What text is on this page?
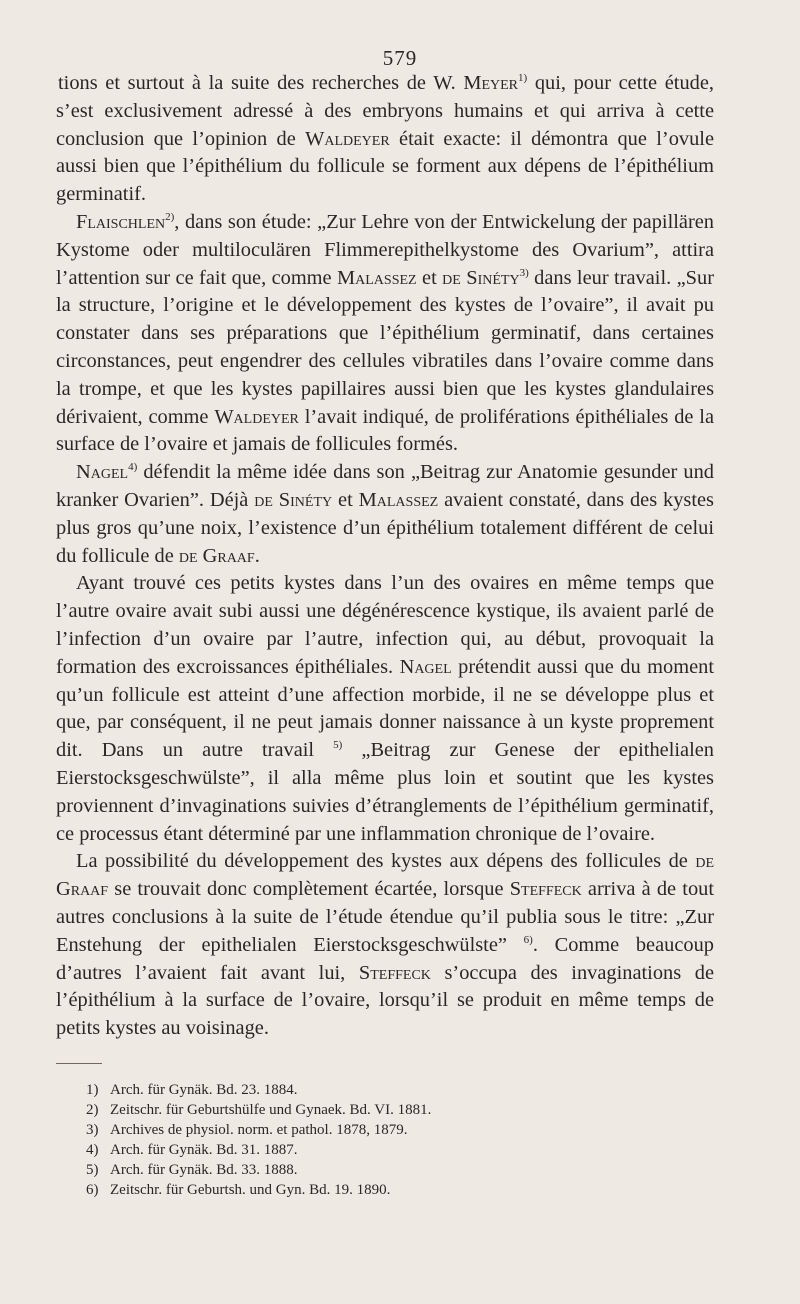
579

tions et surtout à la suite des recherches de W. Meyer$^{1)}$ qui, pour cette étude, s’est exclusivement adressé à des embryons humains et qui arriva à cette conclusion que l’opinion de Waldeyer était exacte: il démontra que l’ovule aussi bien que l’épithélium du follicule se forment aux dépens de l’épithélium germinatif.

Flaischlen$^{2)}$, dans son étude: „Zur Lehre von der Entwickelung der papillären Kystome oder multiloculären Flimmerepithelkystome des Ovarium”, attira l’attention sur ce fait que, comme Malassez et de Sinéty$^{3)}$ dans leur travail. „Sur la structure, l’origine et le développement des kystes de l’ovaire”, il avait pu constater dans ses préparations que l’épithélium germinatif, dans certaines circonstances, peut engendrer des cellules vibratiles dans l’ovaire comme dans la trompe, et que les kystes papillaires aussi bien que les kystes glandulaires dérivaient, comme Waldeyer l’avait indiqué, de proliférations épithéliales de la surface de l’ovaire et jamais de follicules formés.

Nagel$^{4)}$ défendit la même idée dans son „Beitrag zur Anatomie gesunder und kranker Ovarien”. Déjà de Sinéty et Malassez avaient constaté, dans des kystes plus gros qu’une noix, l’existence d’un épithélium totalement différent de celui du follicule de de Graaf.

Ayant trouvé ces petits kystes dans l’un des ovaires en même temps que l’autre ovaire avait subi aussi une dégénérescence kystique, ils avaient parlé de l’infection d’un ovaire par l’autre, infection qui, au début, provoquait la formation des excroissances épithéliales. Nagel prétendit aussi que du moment qu’un follicule est atteint d’une affection morbide, il ne se développe plus et que, par conséquent, il ne peut jamais donner naissance à un kyste proprement dit. Dans un autre travail $^{5)}$ „Beitrag zur Genese der epithelialen Eierstocksgeschwülste”, il alla même plus loin et soutint que les kystes proviennent d’invaginations suivies d’étranglements de l’épithélium germinatif, ce processus étant déterminé par une inflammation chronique de l’ovaire.

La possibilité du développement des kystes aux dépens des follicules de de Graaf se trouvait donc complètement écartée, lorsque Steffeck arriva à de tout autres conclusions à la suite de l’étude étendue qu’il publia sous le titre: „Zur Enstehung der epithelialen Eierstocksgeschwülste” $^{6)}$. Comme beaucoup d’autres l’avaient fait avant lui, Steffeck s’occupa des invaginations de l’épithélium à la surface de l’ovaire, lorsqu’il se produit en même temps de petits kystes au voisinage.

1) Arch. für Gynäk. Bd. 23. 1884.
2) Zeitschr. für Geburtshülfe und Gynaek. Bd. VI. 1881.
3) Archives de physiol. norm. et pathol. 1878, 1879.
4) Arch. für Gynäk. Bd. 31. 1887.
5) Arch. für Gynäk. Bd. 33. 1888.
6) Zeitschr. für Geburtsh. und Gyn. Bd. 19. 1890.
